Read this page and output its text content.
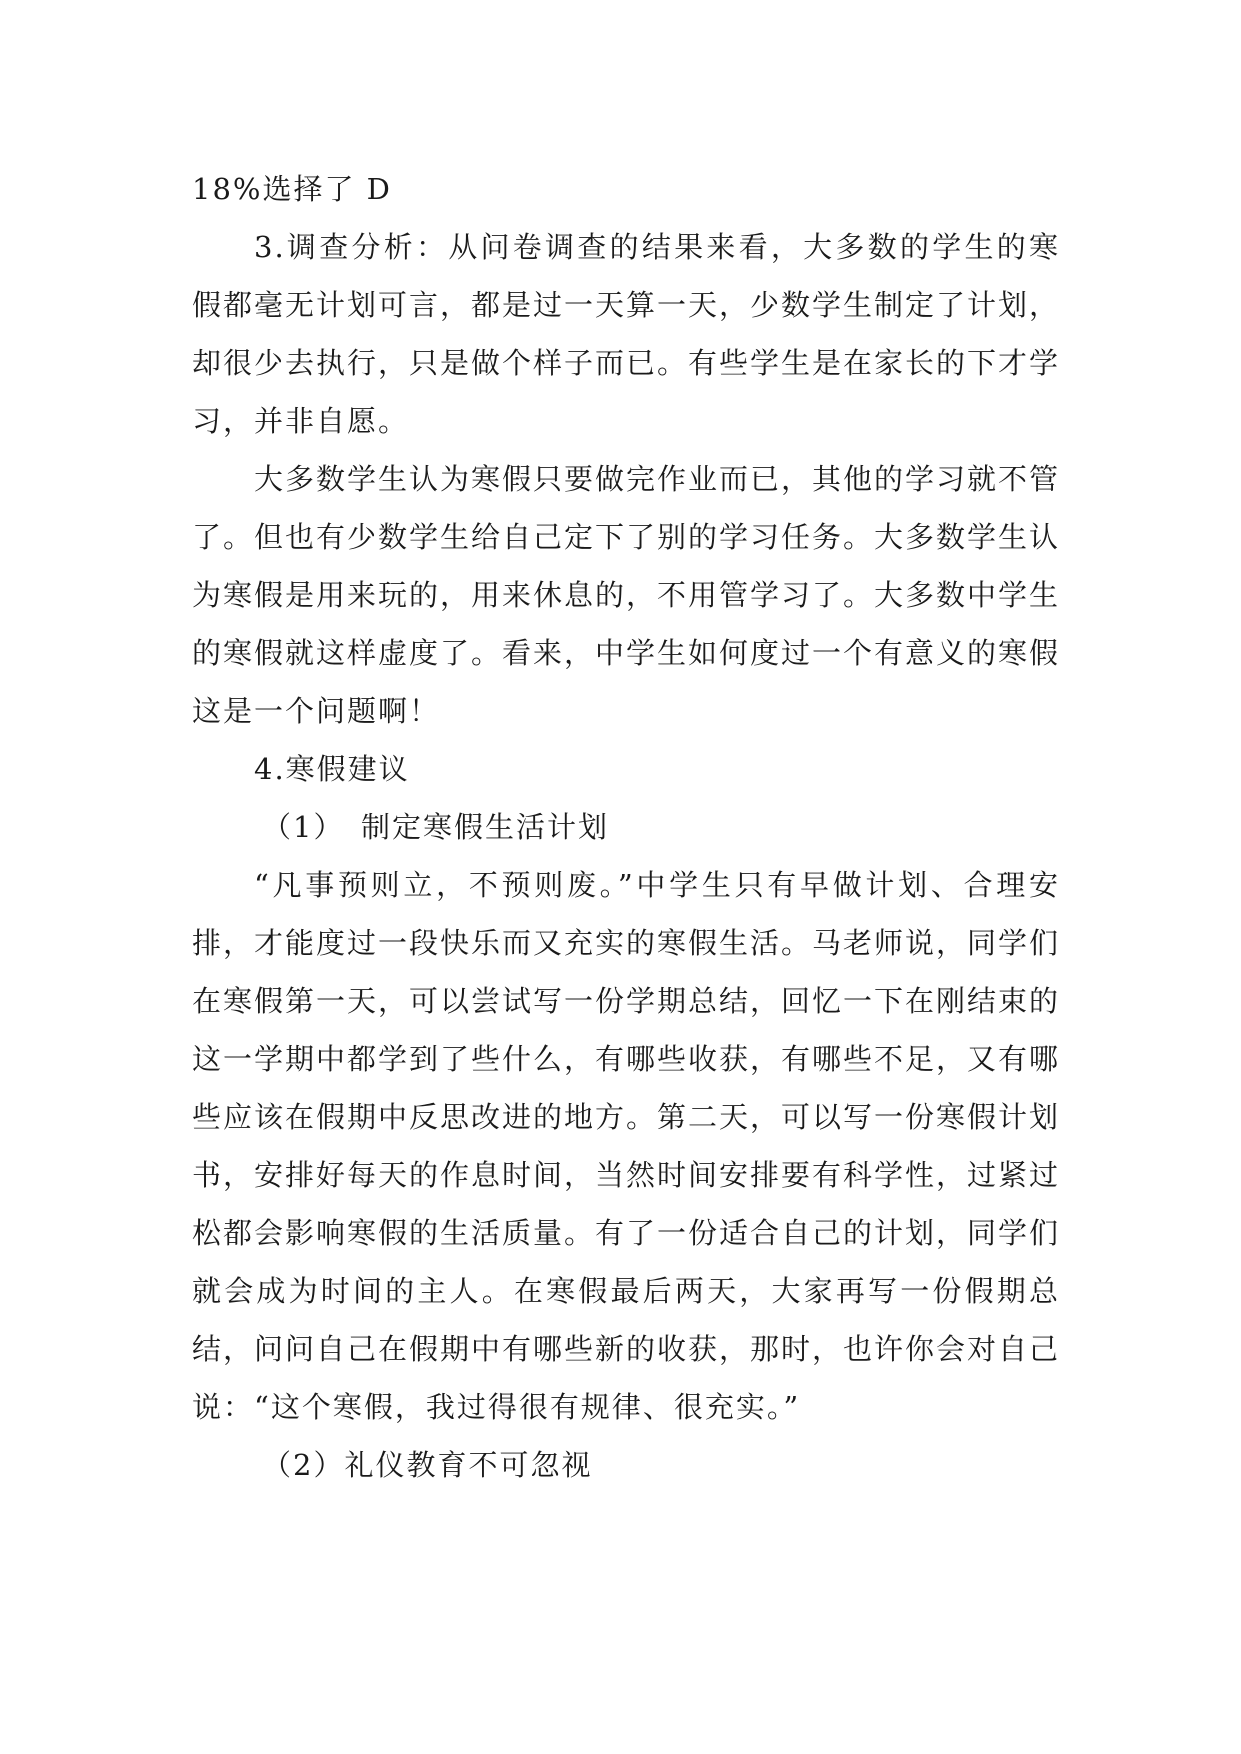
18%选择了 D

3.调查分析：从问卷调查的结果来看，大多数的学生的寒假都毫无计划可言，都是过一天算一天，少数学生制定了计划，却很少去执行，只是做个样子而已。有些学生是在家长的下才学习，并非自愿。

大多数学生认为寒假只要做完作业而已，其他的学习就不管了。但也有少数学生给自己定下了别的学习任务。大多数学生认为寒假是用来玩的，用来休息的，不用管学习了。大多数中学生的寒假就这样虚度了。看来，中学生如何度过一个有意义的寒假这是一个问题啊！

4.寒假建议

（1）　制定寒假生活计划

“凡事预则立，不预则废。”中学生只有早做计划、合理安排，才能度过一段快乐而又充实的寒假生活。马老师说，同学们在寒假第一天，可以尝试写一份学期总结，回忆一下在刚结束的这一学期中都学到了些什么，有哪些收获，有哪些不足，又有哪些应该在假期中反思改进的地方。第二天，可以写一份寒假计划书，安排好每天的作息时间，当然时间安排要有科学性，过紧过松都会影响寒假的生活质量。有了一份适合自己的计划，同学们就会成为时间的主人。在寒假最后两天，大家再写一份假期总结，问问自己在假期中有哪些新的收获，那时，也许你会对自己说：“这个寒假，我过得很有规律、很充实。”

（2）礼仪教育不可忽视
